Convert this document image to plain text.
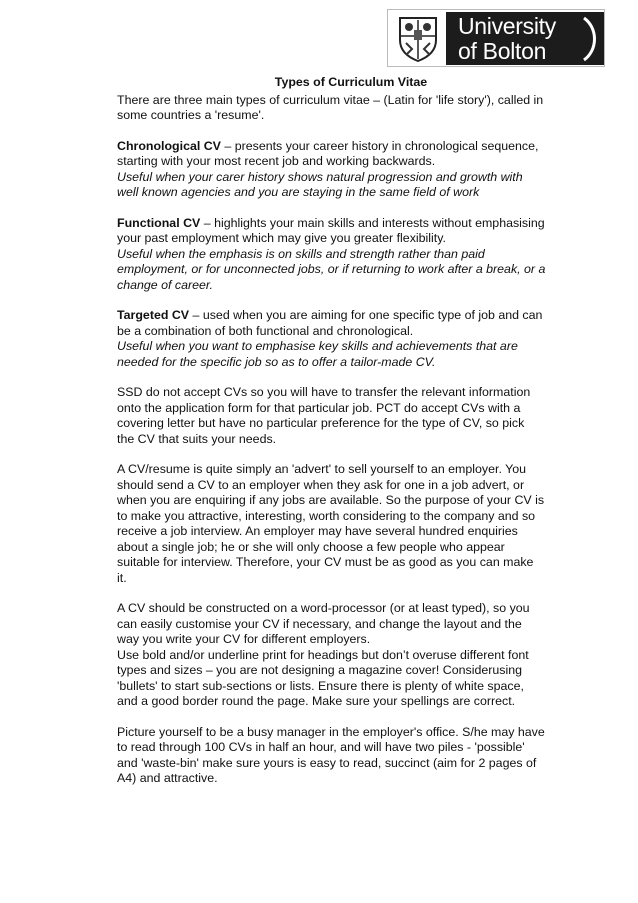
University
of Bolton
Types of Curriculum Vitae
There are three main types of curriculum vitae – (Latin for 'life story'), called in
some countries a 'resume'.
Chronological CV – presents your career history in chronological sequence,
starting with your most recent job and working backwards.
Useful when your carer history shows natural progression and growth with
well known agencies and you are staying in the same field of work
Functional CV – highlights your main skills and interests without emphasising
your past employment which may give you greater flexibility.
Useful when the emphasis is on skills and strength rather than paid
employment, or for unconnected jobs, or if returning to work after a break, or a
change of career.
Targeted CV – used when you are aiming for one specific type of job and can
be a combination of both functional and chronological.
Useful when you want to emphasise key skills and achievements that are
needed for the specific job so as to offer a tailor-made CV.
SSD do not accept CVs so you will have to transfer the relevant information
onto the application form for that particular job. PCT do accept CVs with a
covering letter but have no particular preference for the type of CV, so pick
the CV that suits your needs.
A CV/resume is quite simply an 'advert' to sell yourself to an employer. You
should send a CV to an employer when they ask for one in a job advert, or
when you are enquiring if any jobs are available. So the purpose of your CV is
to make you attractive, interesting, worth considering to the company and so
receive a job interview. An employer may have several hundred enquiries
about a single job; he or she will only choose a few people who appear
suitable for interview. Therefore, your CV must be as good as you can make
it.
A CV should be constructed on a word-processor (or at least typed), so you
can easily customise your CV if necessary, and change the layout and the
way you write your CV for different employers.
Use bold and/or underline print for headings but don’t overuse different font
types and sizes – you are not designing a magazine cover! Considerusing
'bullets' to start sub-sections or lists. Ensure there is plenty of white space,
and a good border round the page. Make sure your spellings are correct.
Picture yourself to be a busy manager in the employer's office. S/he may have
to read through 100 CVs in half an hour, and will have two piles - 'possible'
and 'waste-bin' make sure yours is easy to read, succinct (aim for 2 pages of
A4) and attractive.
